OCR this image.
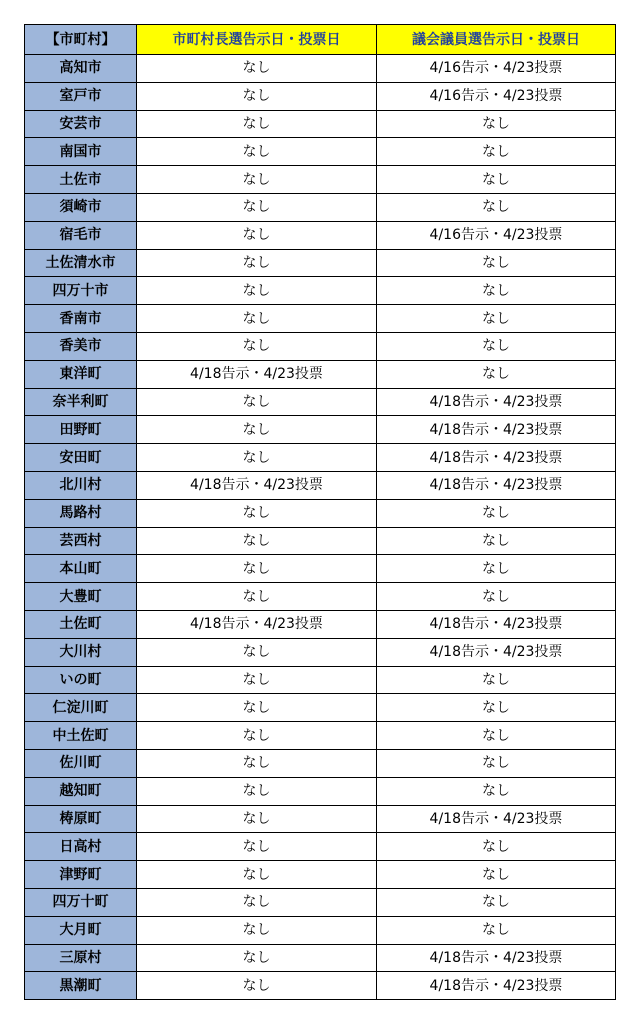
【市町村】	市町村長選告示日・投票日	議会議員選告示日・投票日
高知市	なし	4/16告示・4/23投票
室戸市	なし	4/16告示・4/23投票
安芸市	なし	なし
南国市	なし	なし
土佐市	なし	なし
須崎市	なし	なし
宿毛市	なし	4/16告示・4/23投票
土佐清水市	なし	なし
四万十市	なし	なし
香南市	なし	なし
香美市	なし	なし
東洋町	4/18告示・4/23投票	なし
奈半利町	なし	4/18告示・4/23投票
田野町	なし	4/18告示・4/23投票
安田町	なし	4/18告示・4/23投票
北川村	4/18告示・4/23投票	4/18告示・4/23投票
馬路村	なし	なし
芸西村	なし	なし
本山町	なし	なし
大豊町	なし	なし
土佐町	4/18告示・4/23投票	4/18告示・4/23投票
大川村	なし	4/18告示・4/23投票
いの町	なし	なし
仁淀川町	なし	なし
中土佐町	なし	なし
佐川町	なし	なし
越知町	なし	なし
梼原町	なし	4/18告示・4/23投票
日高村	なし	なし
津野町	なし	なし
四万十町	なし	なし
大月町	なし	なし
三原村	なし	4/18告示・4/23投票
黒潮町	なし	4/18告示・4/23投票
